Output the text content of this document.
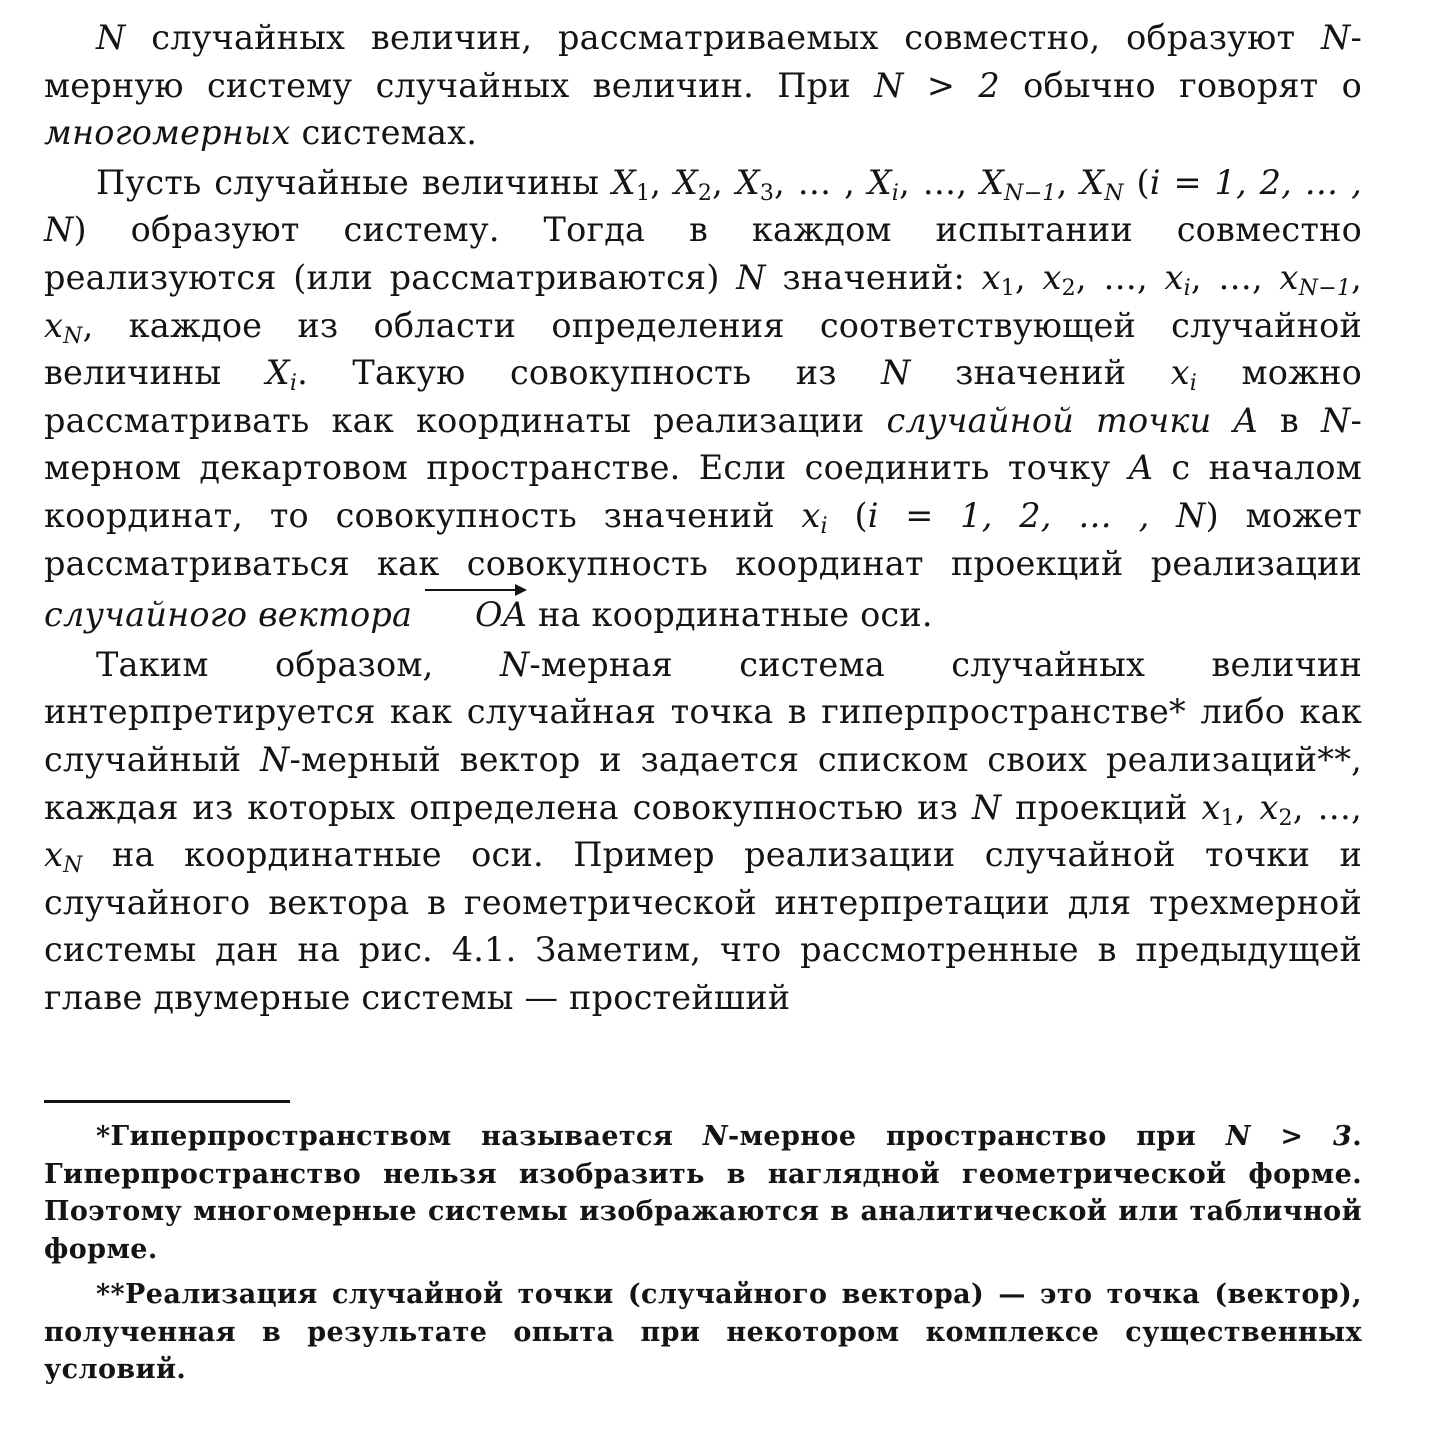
N случайных величин, рассматриваемых совместно, образуют N-мерную систему случайных величин. При N > 2 обычно говорят о многомерных системах.

Пусть случайные величины $X_1$, $X_2$, $X_3$, … , $X_i$, …, $X_{N-1}$, $X_N$ (i = 1, 2, … , N) образуют систему. Тогда в каждом испытании совместно реализуются (или рассматриваются) N значений: $x_1$, $x_2$, …, $x_i$, …, $x_{N-1}$, $x_N$, каждое из области определения соответствующей случайной величины $X_i$. Такую совокупность из N значений $x_i$ можно рассматривать как координаты реализации случайной точки A в N-мерном декартовом пространстве. Если соединить точку A с началом координат, то совокупность значений $x_i$ (i = 1, 2, … , N) может рассматриваться как совокупность координат проекций реализации случайного вектора OA на координатные оси.

Таким образом, N-мерная система случайных величин интерпретируется как случайная точка в гиперпространстве* либо как случайный N-мерный вектор и задается списком своих реализаций**, каждая из которых определена совокупностью из N проекций $x_1$, $x_2$, …, $x_N$ на координатные оси. Пример реализации случайной точки и случайного вектора в геометрической интерпретации для трехмерной системы дан на рис. 4.1. Заметим, что рассмотренные в предыдущей главе двумерные системы — простейший

*Гиперпространством называется N-мерное пространство при N > 3. Гиперпространство нельзя изобразить в наглядной геометрической форме. Поэтому многомерные системы изображаются в аналитической или табличной форме.

**Реализация случайной точки (случайного вектора) — это точка (вектор), полученная в результате опыта при некотором комплексе существенных условий.
